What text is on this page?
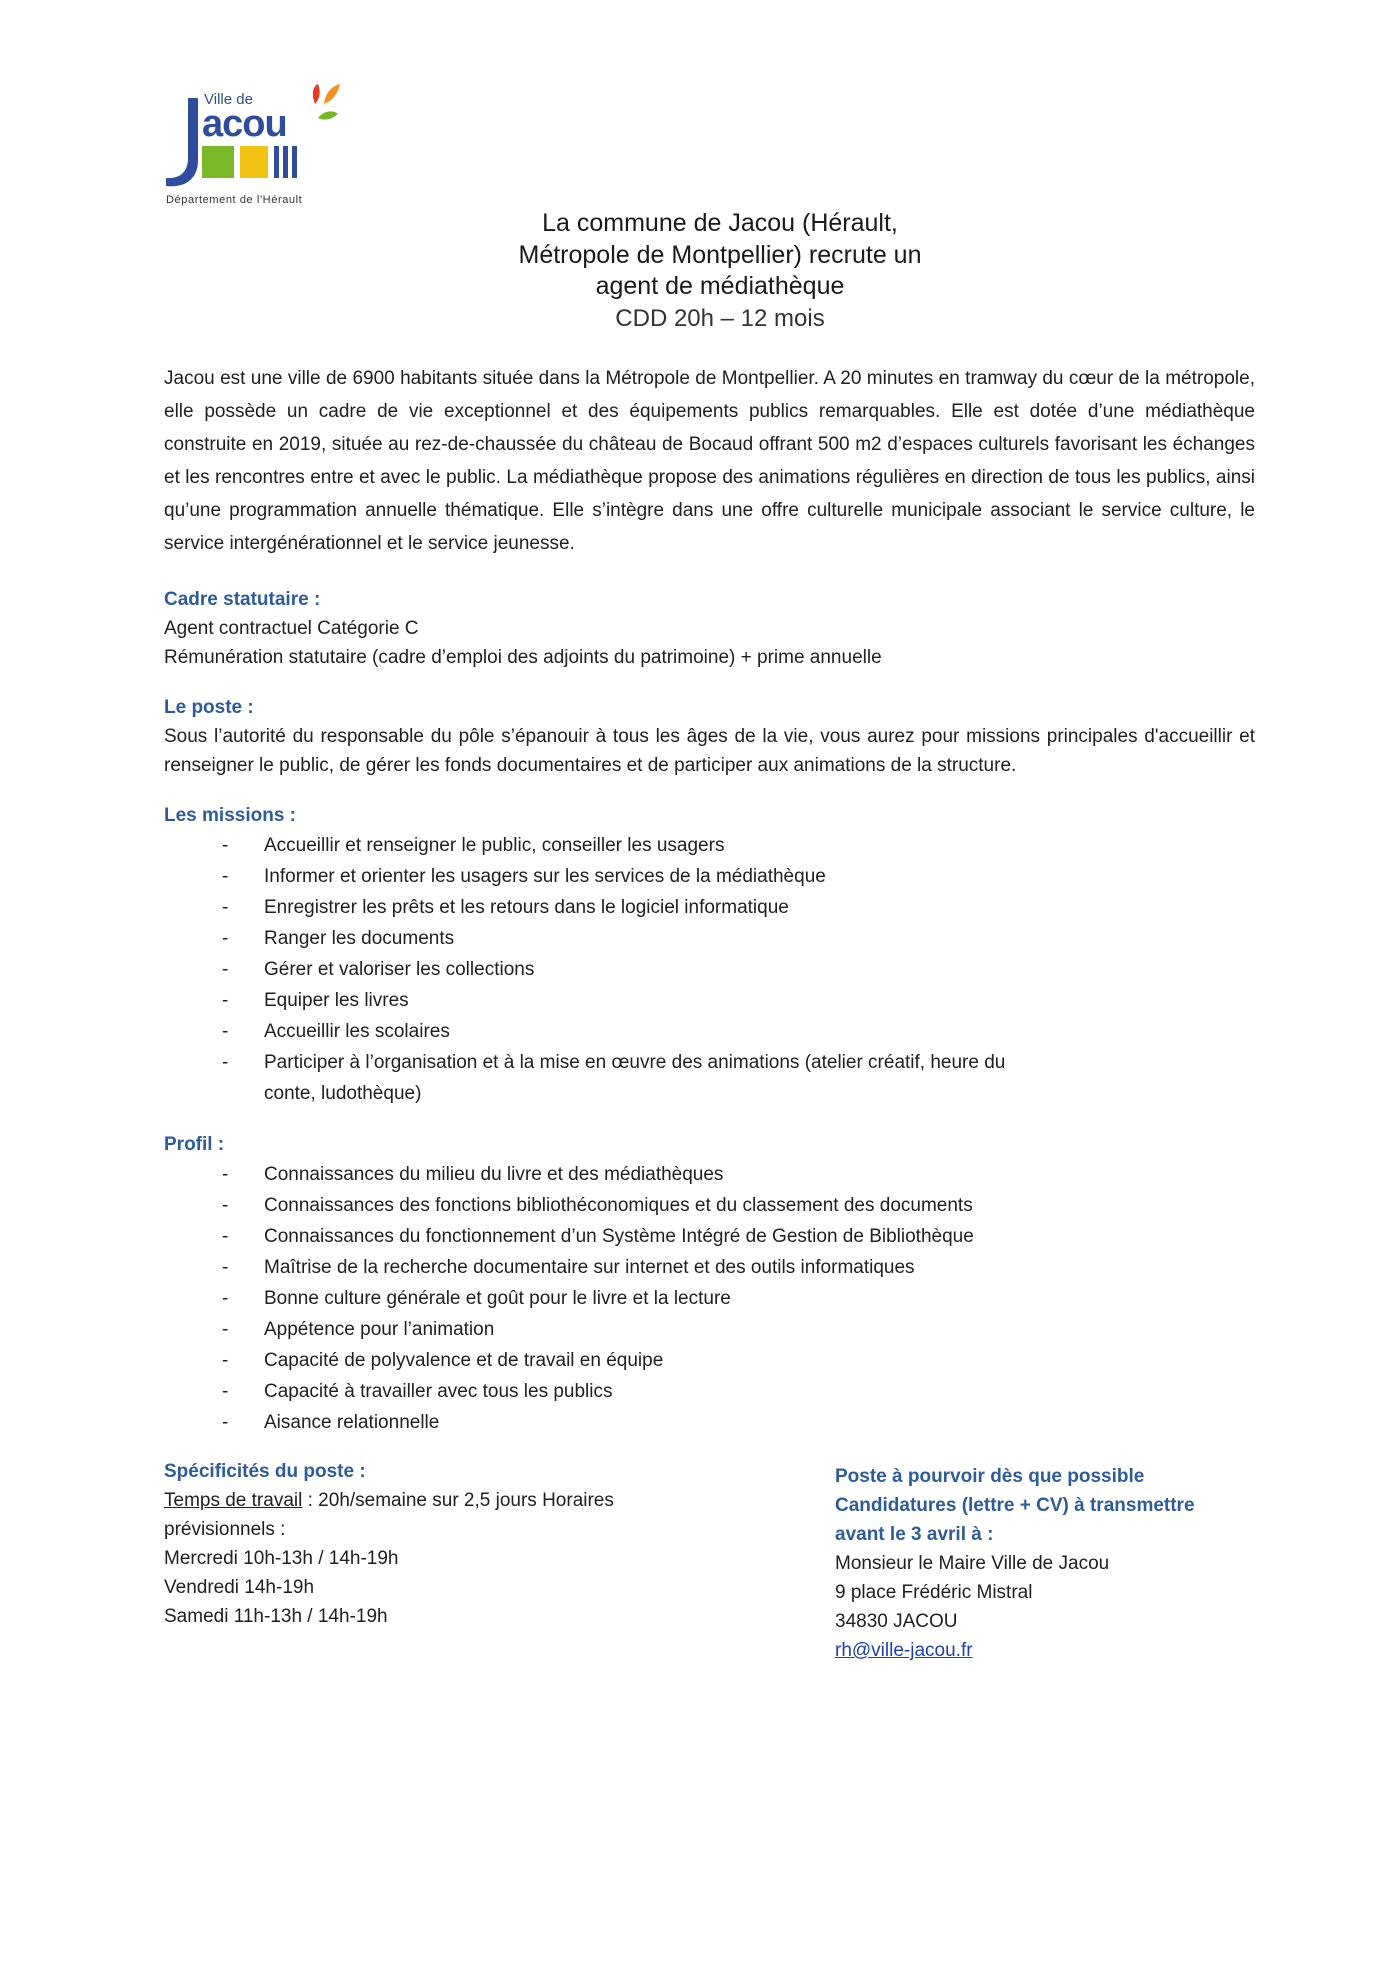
Ville de
acou
Département de l'Hérault
La commune de Jacou (Hérault,
Métropole de Montpellier) recrute un
agent de médiathèque
CDD 20h – 12 mois

Jacou est une ville de 6900 habitants située dans la Métropole de Montpellier. A 20 minutes en tramway du cœur de la métropole, elle possède un cadre de vie exceptionnel et des équipements publics remarquables. Elle est dotée d’une médiathèque construite en 2019, située au rez-de-chaussée du château de Bocaud offrant 500 m2 d’espaces culturels favorisant les échanges et les rencontres entre et avec le public. La médiathèque propose des animations régulières en direction de tous les publics, ainsi qu’une programmation annuelle thématique. Elle s’intègre dans une offre culturelle municipale associant le service culture, le service intergénérationnel et le service jeunesse.

Cadre statutaire :
Agent contractuel Catégorie C
Rémunération statutaire (cadre d’emploi des adjoints du patrimoine) + prime annuelle
Le poste :

Sous l’autorité du responsable du pôle s’épanouir à tous les âges de la vie, vous aurez pour missions principales d'accueillir et renseigner le public, de gérer les fonds documentaires et de participer aux animations de la structure.

Les missions :
- Accueillir et renseigner le public, conseiller les usagers
- Informer et orienter les usagers sur les services de la médiathèque
- Enregistrer les prêts et les retours dans le logiciel informatique
- Ranger les documents
- Gérer et valoriser les collections
- Equiper les livres
- Accueillir les scolaires
- Participer à l’organisation et à la mise en œuvre des animations (atelier créatif, heure du conte, ludothèque)
Profil :
- Connaissances du milieu du livre et des médiathèques
- Connaissances des fonctions bibliothéconomiques et du classement des documents
- Connaissances du fonctionnement d’un Système Intégré de Gestion de Bibliothèque
- Maîtrise de la recherche documentaire sur internet et des outils informatiques
- Bonne culture générale et goût pour le livre et la lecture
- Appétence pour l’animation
- Capacité de polyvalence et de travail en équipe
- Capacité à travailler avec tous les publics
- Aisance relationnelle
Spécificités du poste :
Temps de travail : 20h/semaine sur 2,5 jours Horaires prévisionnels :
Mercredi 10h-13h / 14h-19h
Vendredi 14h-19h
Samedi 11h-13h / 14h-19h
Poste à pourvoir dès que possible
Candidatures (lettre + CV) à transmettre
avant le 3 avril à :
Monsieur le Maire Ville de Jacou
9 place Frédéric Mistral
34830 JACOU
rh@ville-jacou.fr
